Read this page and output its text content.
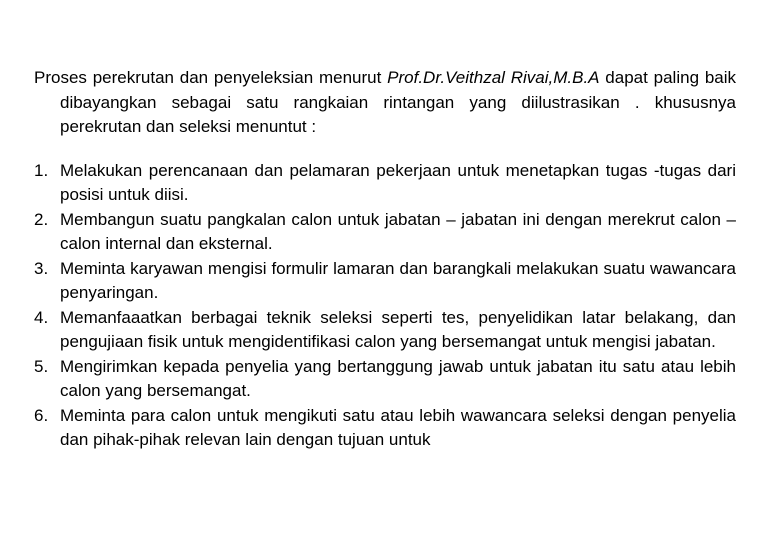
Proses perekrutan dan penyeleksian menurut Prof.Dr.Veithzal Rivai,M.B.A dapat paling baik dibayangkan sebagai satu rangkaian rintangan yang diilustrasikan . khususnya perekrutan dan seleksi menuntut :

1. Melakukan perencanaan dan pelamaran pekerjaan untuk menetapkan tugas -tugas dari posisi untuk diisi.
2. Membangun suatu pangkalan calon untuk jabatan – jabatan ini dengan merekrut calon – calon internal dan eksternal.
3. Meminta karyawan mengisi formulir lamaran dan barangkali melakukan suatu wawancara penyaringan.
4. Memanfaaatkan berbagai teknik seleksi seperti tes, penyelidikan latar belakang, dan pengujiaan fisik untuk mengidentifikasi calon yang bersemangat untuk mengisi jabatan.
5. Mengirimkan kepada penyelia yang bertanggung jawab untuk jabatan itu satu atau lebih calon yang bersemangat.
6. Meminta para calon untuk mengikuti satu atau lebih wawancara seleksi dengan penyelia dan pihak-pihak relevan lain dengan tujuan untuk
